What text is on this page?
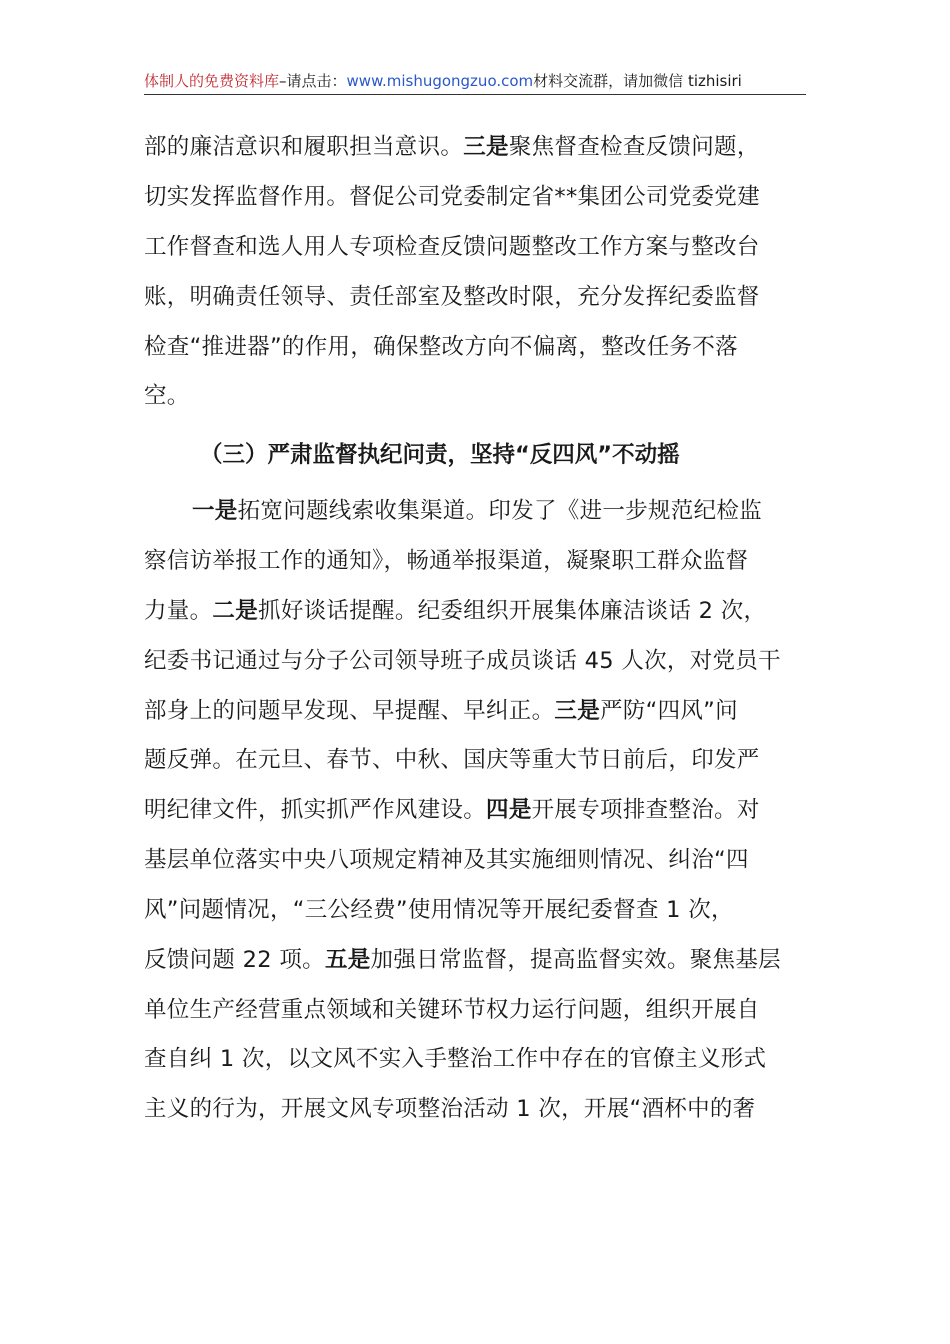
体制人的免费资料库–请点击：www.mishugongzuo.com材料交流群，请加微信 tizhisiri
部的廉洁意识和履职担当意识。三是聚焦督查检查反馈问题，
切实发挥监督作用。督促公司党委制定省**集团公司党委党建
工作督查和选人用人专项检查反馈问题整改工作方案与整改台
账，明确责任领导、责任部室及整改时限，充分发挥纪委监督
检查“推进器”的作用，确保整改方向不偏离，整改任务不落
空。
（三）严肃监督执纪问责，坚持“反四风”不动摇
一是拓宽问题线索收集渠道。印发了《进一步规范纪检监
察信访举报工作的通知》，畅通举报渠道，凝聚职工群众监督
力量。二是抓好谈话提醒。纪委组织开展集体廉洁谈话 2 次，
纪委书记通过与分子公司领导班子成员谈话 45 人次，对党员干
部身上的问题早发现、早提醒、早纠正。三是严防“四风”问
题反弹。在元旦、春节、中秋、国庆等重大节日前后，印发严
明纪律文件，抓实抓严作风建设。四是开展专项排查整治。对
基层单位落实中央八项规定精神及其实施细则情况、纠治“四
风”问题情况，“三公经费”使用情况等开展纪委督查 1 次，
反馈问题 22 项。五是加强日常监督，提高监督实效。聚焦基层
单位生产经营重点领域和关键环节权力运行问题，组织开展自
查自纠 1 次，以文风不实入手整治工作中存在的官僚主义形式
主义的行为，开展文风专项整治活动 1 次，开展“酒杯中的奢
